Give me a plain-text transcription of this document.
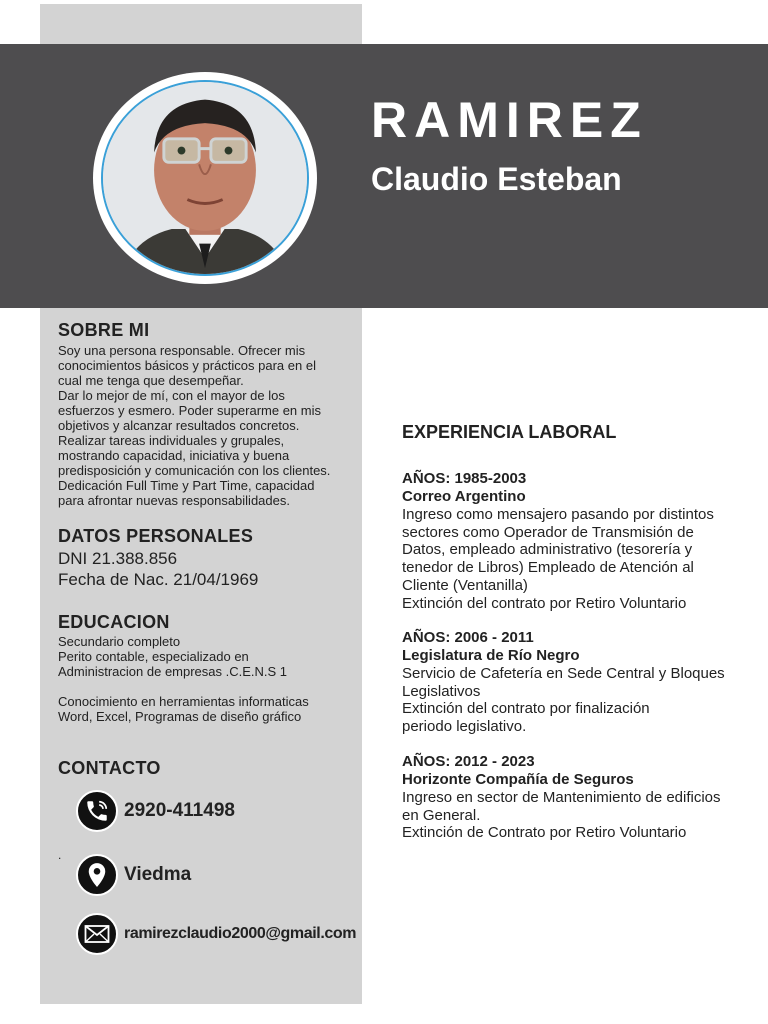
RAMIREZ
Claudio Esteban
SOBRE MI

Soy una persona responsable. Ofrecer mis

conocimientos básicos y prácticos para en el

cual me tenga que desempeñar.

Dar lo mejor de mí, con el mayor de los

esfuerzos y esmero. Poder superarme en mis

objetivos y alcanzar resultados concretos.

Realizar tareas individuales y grupales,

mostrando capacidad, iniciativa y buena

predisposición y comunicación con los clientes.

Dedicación Full Time y Part Time, capacidad

para afrontar nuevas responsabilidades.

DATOS PERSONALES
DNI 21.388.856
Fecha de Nac. 21/04/1969
EDUCACION

Secundario completo

Perito contable, especializado en

Administracion de empresas .C.E.N.S 1

Conocimiento en herramientas informaticas

Word, Excel, Programas de diseño gráfico

CONTACTO
2920-411498
.
Viedma
ramirezclaudio2000@gmail.com
EXPERIENCIA LABORAL
AÑOS: 1985-2003
Correo Argentino

Ingreso como mensajero pasando por distintos

sectores como Operador de Transmisión de

Datos, empleado administrativo (tesorería y

tenedor de Libros) Empleado de Atención al

Cliente (Ventanilla)

Extinción del contrato por Retiro Voluntario

AÑOS: 2006 - 2011
Legislatura de Río Negro

Servicio de Cafetería en Sede Central y Bloques

Legislativos

Extinción del contrato por finalización

periodo legislativo.

AÑOS: 2012 - 2023
Horizonte Compañía de Seguros

Ingreso en sector de Mantenimiento de edificios

en General.

Extinción de Contrato por Retiro Voluntario
